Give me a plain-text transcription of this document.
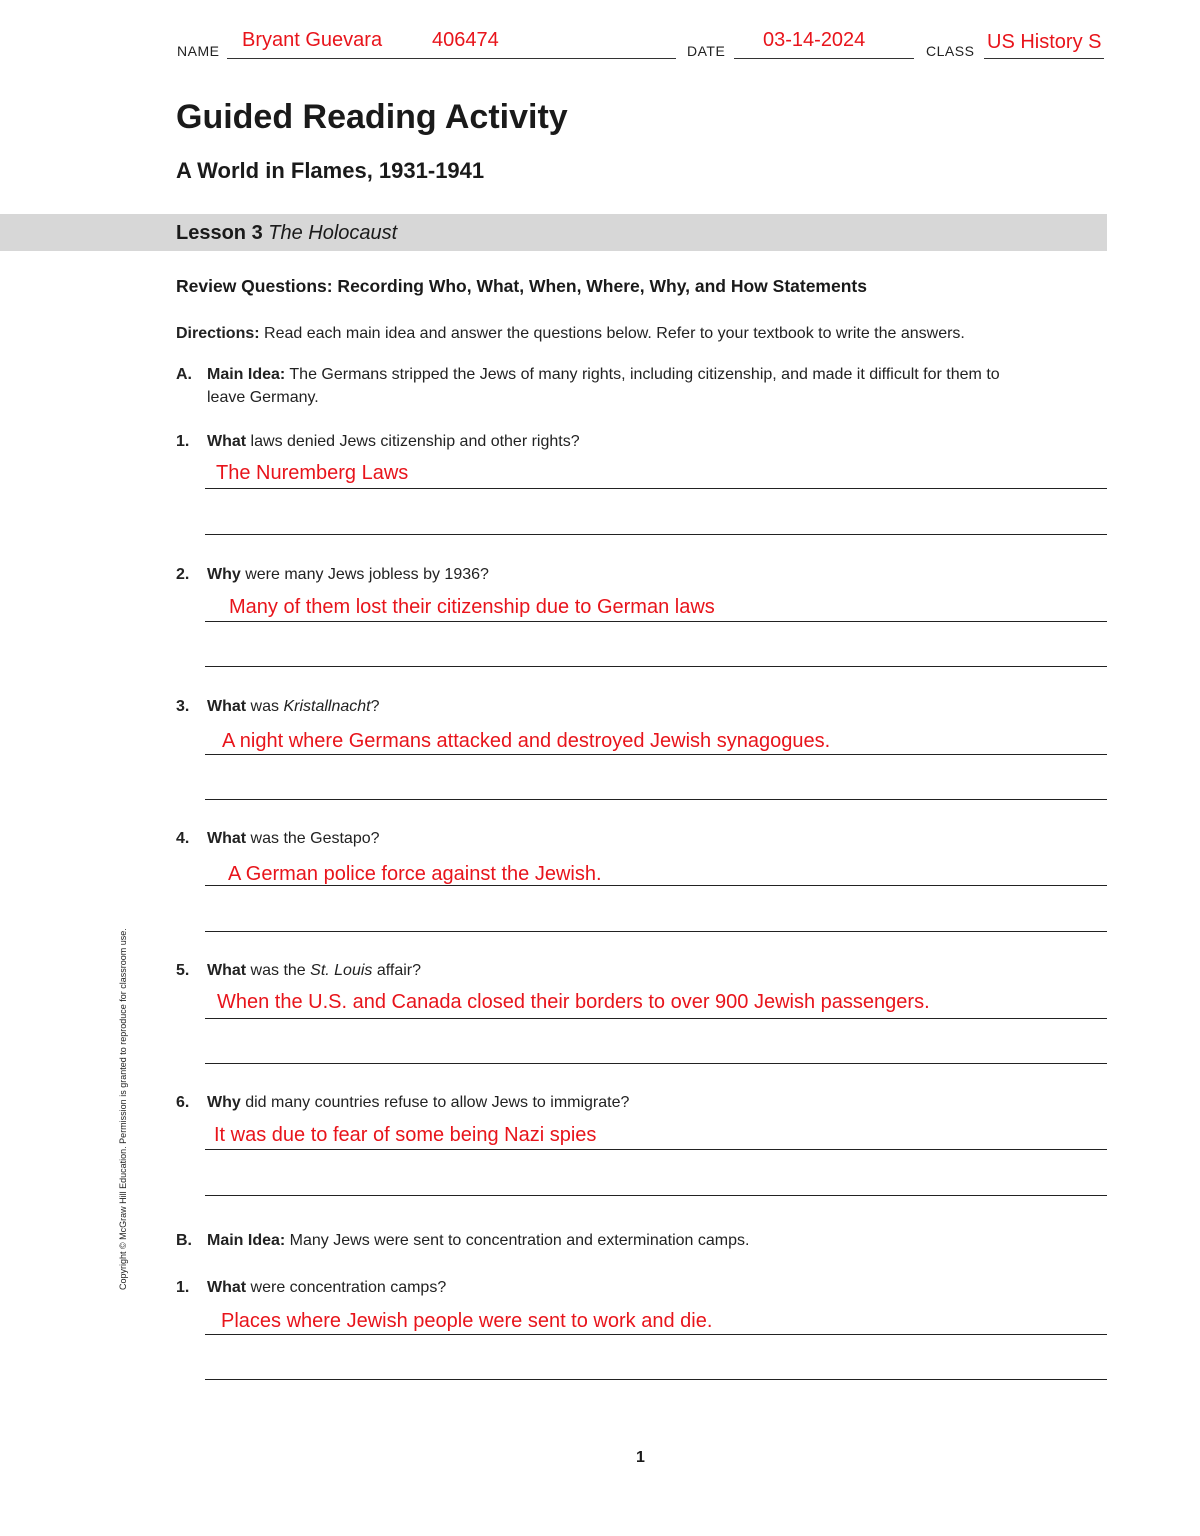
NAME Bryant Guevara 406474	DATE 03-14-2024	CLASS US History S
Guided Reading Activity
A World in Flames, 1931-1941
Lesson 3 The Holocaust
Review Questions: Recording Who, What, When, Where, Why, and How Statements
Directions: Read each main idea and answer the questions below. Refer to your textbook to write the answers.
A. Main Idea: The Germans stripped the Jews of many rights, including citizenship, and made it difficult for them to
leave Germany.
1. What laws denied Jews citizenship and other rights?
The Nuremberg Laws
2. Why were many Jews jobless by 1936?
Many of them lost their citizenship due to German laws
3. What was Kristallnacht?
A night where Germans attacked and destroyed Jewish synagogues.
4. What was the Gestapo?
A German police force against the Jewish.
5. What was the St. Louis affair?
When the U.S. and Canada closed their borders to over 900 Jewish passengers.
6. Why did many countries refuse to allow Jews to immigrate?
It was due to fear of some being Nazi spies
B. Main Idea: Many Jews were sent to concentration and extermination camps.
1. What were concentration camps?
Places where Jewish people were sent to work and die.
Copyright © McGraw Hill Education. Permission is granted to reproduce for classroom use.
1
